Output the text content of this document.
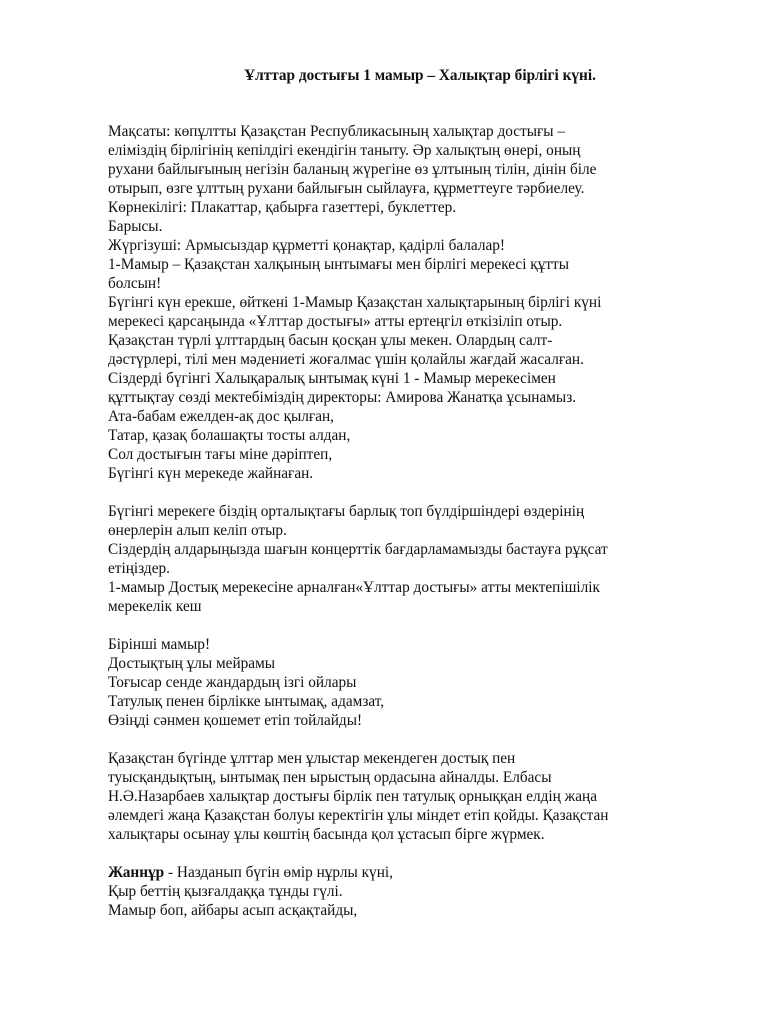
Ұлттар достығы 1 мамыр – Халықтар бірлігі күні.
Мақсаты: көпұлтты Қазақстан Республикасының халықтар достығы –
еліміздің бірлігінің кепілдігі екендігін таныту. Әр халықтың өнері, оның
рухани байлығының негізін баланың жүрегіне өз ұлтының тілін, дінін біле
отырып, өзге ұлттың рухани байлығын сыйлауға, құрметтеуге тәрбиелеу.
Көрнекілігі: Плакаттар, қабырға газеттері, буклеттер.
Барысы.
Жүргізуші: Армысыздар құрметті қонақтар, қадірлі балалар!
1-Мамыр – Қазақстан халқының ынтымағы мен бірлігі мерекесі құтты
болсын!
Бүгінгі күн ерекше, өйткені 1-Мамыр Қазақстан халықтарының бірлігі күні
мерекесі қарсаңында «Ұлттар достығы» атты ертеңгіл өткізіліп отыр.
Қазақстан түрлі ұлттардың басын қосқан ұлы мекен. Олардың салт-
дәстүрлері, тілі мен мәдениеті жоғалмас үшін қолайлы жағдай жасалған.
Сіздерді бүгінгі Халықаралық ынтымақ күні 1 - Мамыр мерекесімен
құттықтау сөзді мектебіміздің директоры: Амирова Жанатқа ұсынамыз.
Ата-бабам ежелден-ақ дос қылған,
Татар, қазақ болашақты тосты алдан,
Сол достығын тағы міне дәріптеп,
Бүгінгі күн мерекеде жайнаған.
Бүгінгі мерекеге біздің орталықтағы барлық топ бүлдіршіндері өздерінің
өнерлерін алып келіп отыр.
Сіздердің алдарыңызда шағын концерттік бағдарламамызды бастауға рұқсат
етіңіздер.
1-мамыр Достық мерекесіне арналған«Ұлттар достығы» атты мектепішілік
мерекелік кеш
Бірінші мамыр!
Достықтың ұлы мейрамы
Тоғысар сенде жандардың ізгі ойлары
Татулық пенен бірлікке ынтымақ, адамзат,
Өзіңді сәнмен қошемет етіп тойлайды!
Қазақстан бүгінде ұлттар мен ұлыстар мекендеген достық пен
туысқандықтың, ынтымақ пен ырыстың ордасына айналды. Елбасы
Н.Ә.Назарбаев халықтар достығы бірлік пен татулық орныққан елдің жаңа
әлемдегі жаңа Қазақстан болуы керектігін ұлы міндет етіп қойды. Қазақстан
халықтары осынау ұлы көштің басында қол ұстасып бірге жүрмек.
Жаннұр - Назданып бүгін өмір нұрлы күні,
Қыр беттің қызғалдаққа тұнды гүлі.
Мамыр боп, айбары асып асқақтайды,
